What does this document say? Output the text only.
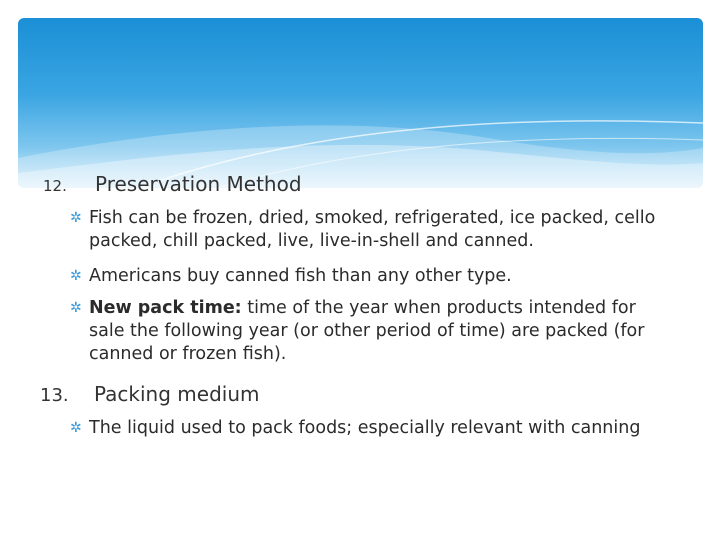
12.	Preservation Method
✲ Fish can be frozen, dried, smoked, refrigerated, ice packed, cello packed, chill packed, live, live-in-shell and canned.
✲ Americans buy canned fish than any other type.
✲ New pack time: time of the year when products intended for sale the following year (or other period of time) are packed (for canned or frozen fish).
13.	Packing medium
✲ The liquid used to pack foods; especially relevant with canning
